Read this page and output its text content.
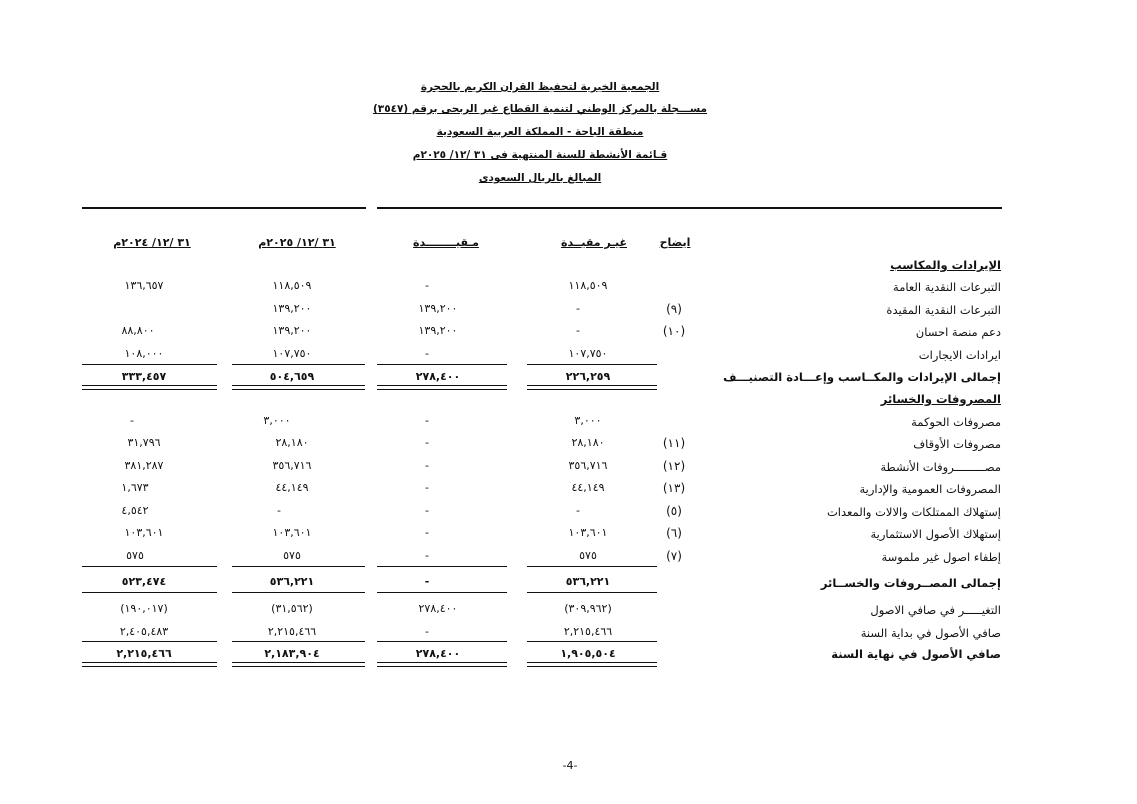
الجمعية الخيرية لتحفيظ القران الكريم بالحجرة
مســـجلة بالمركز الوطني لتنمية القطاع غير الربحى برقم (٣٥٤٧)
منطقة الباحة - المملكة العربية السعودية
قـائمة الأنشطة للسنة المنتهية فى ٣١ /١٢/ ٢٠٢٥م
المبالغ بالريال السعودى
ايضاح
غيـر مقيــدة
مـقيــــــــدة
٣١ /١٢/ ٢٠٢٥م
٣١ /١٢/ ٢٠٢٤م
الإيرادات والمكاسب
المصروفات والخسائر
التبرعات النقدية العامة
١١٨,٥٠٩
-
١١٨,٥٠٩
١٣٦,٦٥٧
التبرعات النقدية المقيدة
(٩)
-
١٣٩,٢٠٠
١٣٩,٢٠٠
دعم منصة احسان
(١٠)
-
١٣٩,٢٠٠
١٣٩,٢٠٠
٨٨,٨٠٠
ايرادات الايجارات
١٠٧,٧٥٠
-
١٠٧,٧٥٠
١٠٨,٠٠٠
إجمالى الإيرادات والمكــاسب وإعـــادة التصنيـــف
٢٢٦,٢٥٩
٢٧٨,٤٠٠
٥٠٤,٦٥٩
٣٣٣,٤٥٧
مصروفات الحوكمة
٣,٠٠٠
-
٣,٠٠٠
-
مصروفات الأوقاف
(١١)
٢٨,١٨٠
-
٢٨,١٨٠
٣١,٧٩٦
مصـــــــــروفات الأنشطة
(١٢)
٣٥٦,٧١٦
-
٣٥٦,٧١٦
٣٨١,٢٨٧
المصروفات العمومية والإدارية
(١٣)
٤٤,١٤٩
-
٤٤,١٤٩
١,٦٧٣
إستهلاك الممتلكات والالات والمعدات
(٥)
-
-
-
٤,٥٤٢
إستهلاك الأصول الاستثمارية
(٦)
١٠٣,٦٠١
-
١٠٣,٦٠١
١٠٣,٦٠١
إطفاء اصول غير ملموسة
(٧)
٥٧٥
-
٥٧٥
٥٧٥
إجمالى المصــروفات والخســائر
٥٣٦,٢٢١
-
٥٣٦,٢٢١
٥٢٣,٤٧٤
التغيـــــر في صافي الاصول
(٣٠٩,٩٦٢)
٢٧٨,٤٠٠
(٣١,٥٦٢)
(١٩٠,٠١٧)
صافي الأصول في بداية السنة
٢,٢١٥,٤٦٦
-
٢,٢١٥,٤٦٦
٢,٤٠٥,٤٨٣
صافي الأصول في نهاية السنة
١,٩٠٥,٥٠٤
٢٧٨,٤٠٠
٢,١٨٣,٩٠٤
٢,٢١٥,٤٦٦
-4-
